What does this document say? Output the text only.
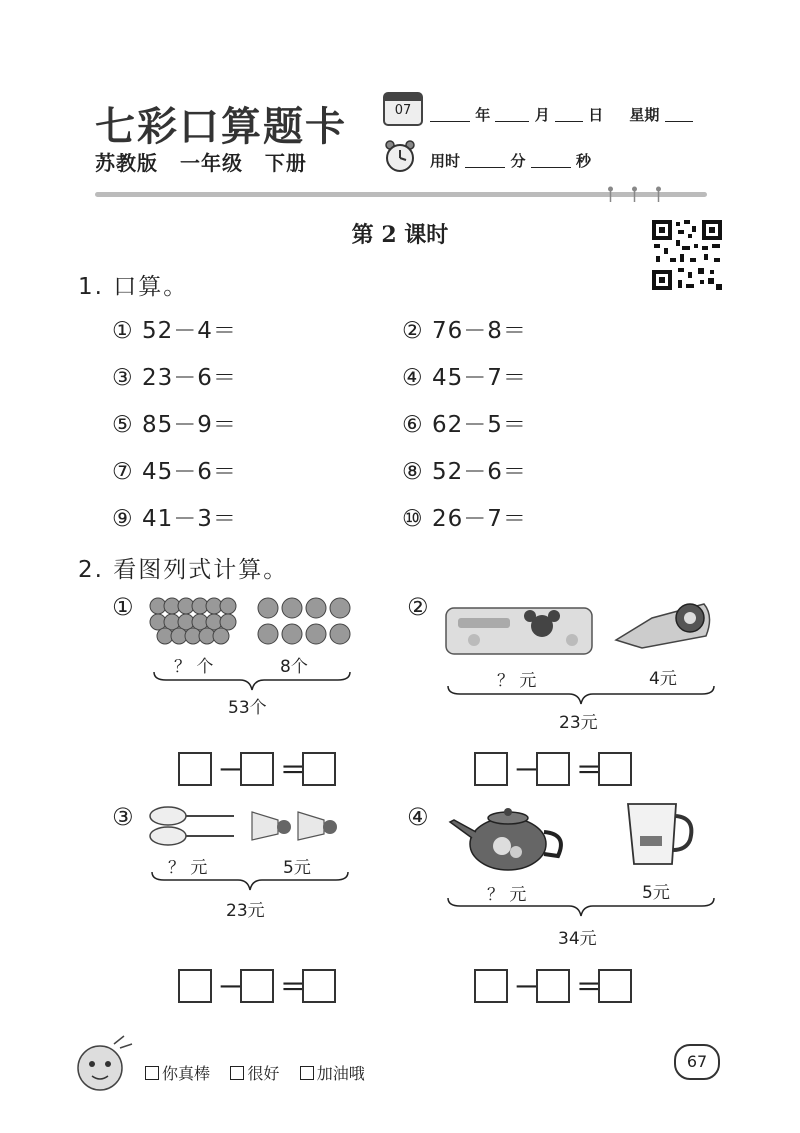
七彩口算题卡
苏教版 一年级 下册
07	年	月	日 星期
用时	分	秒
第 2 课时
1. 口算。
① 52－4＝	② 76－8＝
③ 23－6＝	④ 45－7＝
⑤ 85－9＝	⑥ 62－5＝
⑦ 45－6＝	⑧ 52－6＝
⑨ 41－3＝	⑩ 26－7＝
2. 看图列式计算。
①
？ 个	8个
53个
－ ＝
②
？ 元	4元
23元
－ ＝
③
？ 元	5元
23元
－ ＝
④
？ 元	5元
34元
－ ＝
你真棒 很好 加油哦
67
